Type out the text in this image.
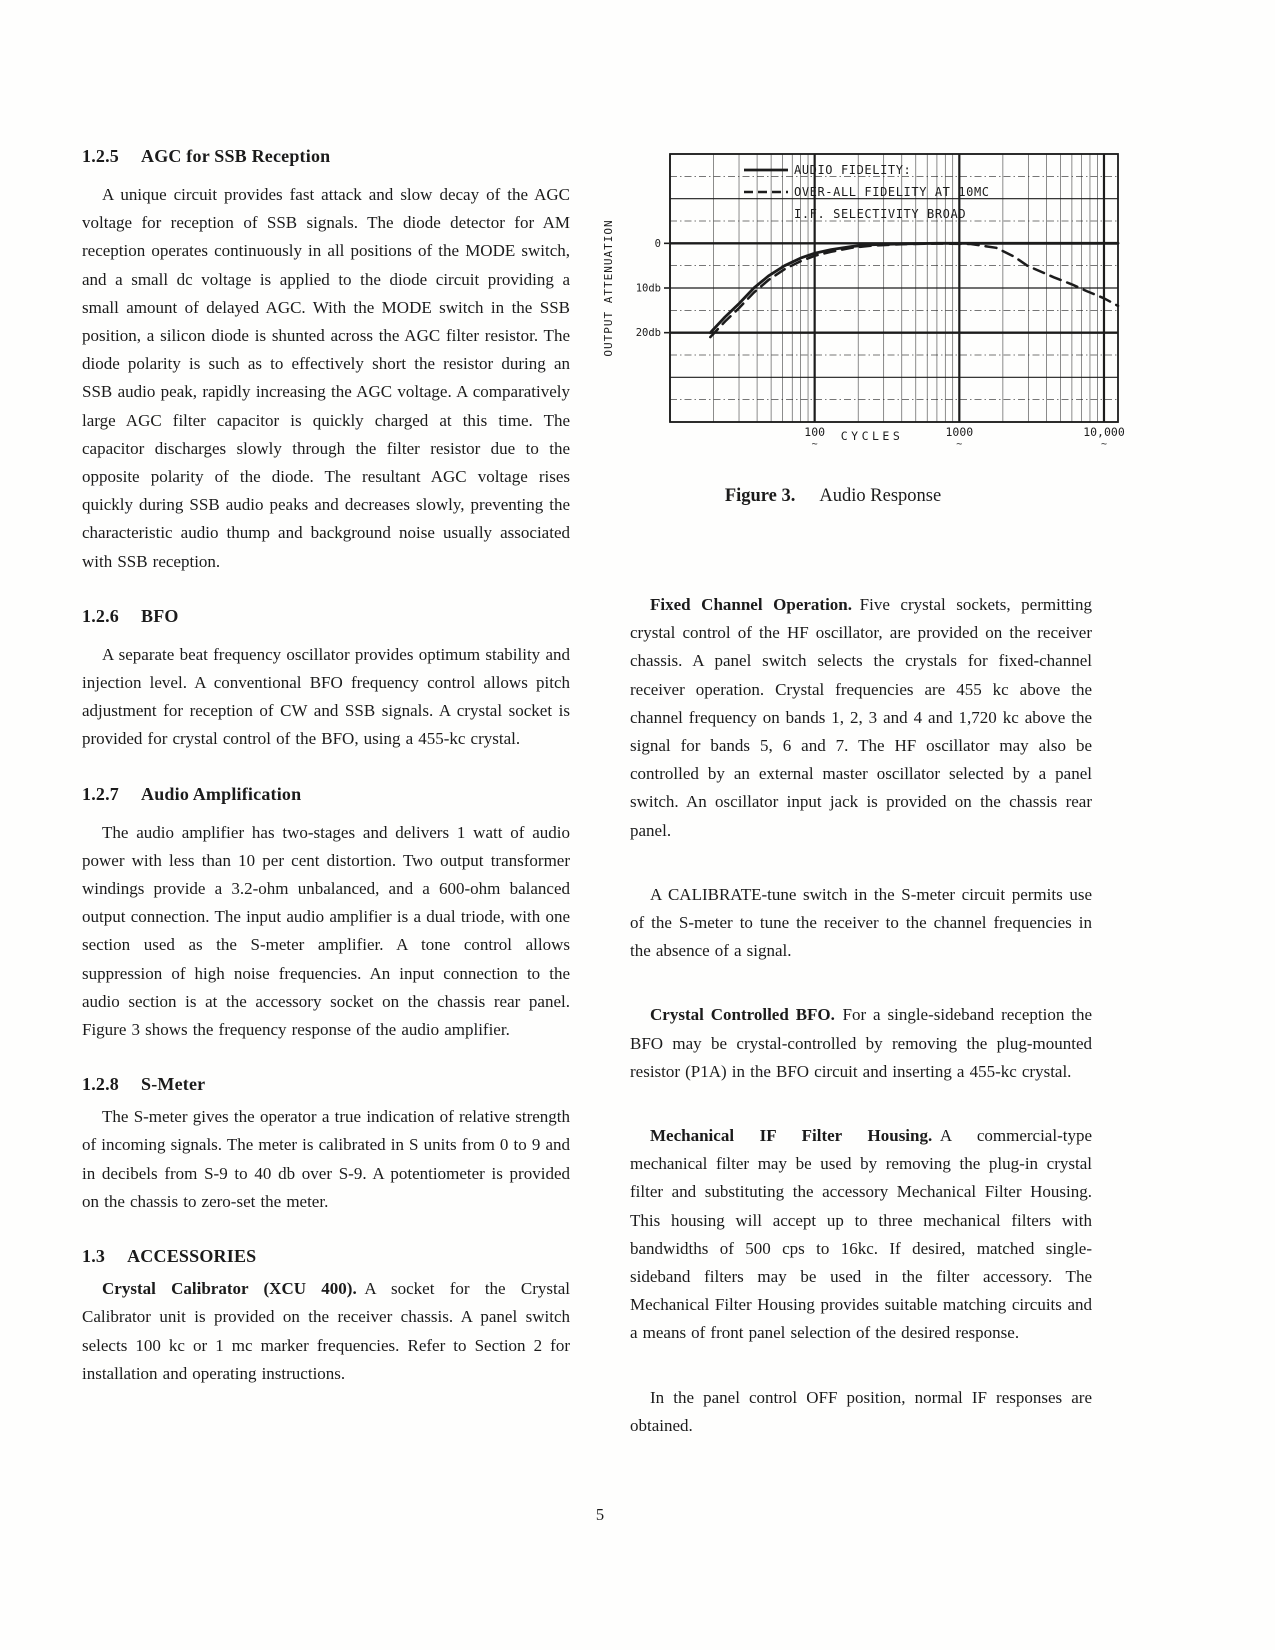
1.2.5 AGC for SSB Reception

A unique circuit provides fast attack and slow decay of the AGC voltage for reception of SSB signals. The diode detector for AM reception operates continuously in all positions of the MODE switch, and a small dc voltage is applied to the diode circuit providing a small amount of delayed AGC. With the MODE switch in the SSB position, a silicon diode is shunted across the AGC filter resistor. The diode polarity is such as to effectively short the resistor during an SSB audio peak, rapidly increasing the AGC voltage. A comparatively large AGC filter capacitor is quickly charged at this time. The capacitor discharges slowly through the filter resistor due to the opposite polarity of the diode. The resultant AGC voltage rises quickly during SSB audio peaks and decreases slowly, preventing the characteristic audio thump and background noise usually associated with SSB reception.

1.2.6 BFO

A separate beat frequency oscillator provides optimum stability and injection level. A conventional BFO frequency control allows pitch adjustment for reception of CW and SSB signals. A crystal socket is provided for crystal control of the BFO, using a 455-kc crystal.

1.2.7 Audio Amplification

The audio amplifier has two-stages and delivers 1 watt of audio power with less than 10 per cent distortion. Two output transformer windings provide a 3.2-ohm unbalanced, and a 600-ohm balanced output connection. The input audio amplifier is a dual triode, with one section used as the S-meter amplifier. A tone control allows suppression of high noise frequencies. An input connection to the audio section is at the accessory socket on the chassis rear panel. Figure 3 shows the frequency response of the audio amplifier.

1.2.8 S-Meter

The S-meter gives the operator a true indication of relative strength of incoming signals. The meter is calibrated in S units from 0 to 9 and in decibels from S-9 to 40 db over S-9. A potentiometer is provided on the chassis to zero-set the meter.

1.3 ACCESSORIES

Crystal Calibrator (XCU 400). A socket for the Crystal Calibrator unit is provided on the receiver chassis. A panel switch selects 100 kc or 1 mc marker frequencies. Refer to Section 2 for installation and operating instructions.

0
10db
20db
OUTPUT ATTENUATION
100
~
1000
~
10,000
~
CYCLES
AUDIO FIDELITY:
OVER-ALL FIDELITY AT 10MC
I.F. SELECTIVITY BROAD
Figure 3. Audio Response

Fixed Channel Operation. Five crystal sockets, permitting crystal control of the HF oscillator, are provided on the receiver chassis. A panel switch selects the crystals for fixed-channel receiver operation. Crystal frequencies are 455 kc above the channel frequency on bands 1, 2, 3 and 4 and 1,720 kc above the signal for bands 5, 6 and 7. The HF oscillator may also be controlled by an external master oscillator selected by a panel switch. An oscillator input jack is provided on the chassis rear panel.

A CALIBRATE-tune switch in the S-meter circuit permits use of the S-meter to tune the receiver to the channel frequencies in the absence of a signal.

Crystal Controlled BFO. For a single-sideband reception the BFO may be crystal-controlled by removing the plug-mounted resistor (P1A) in the BFO circuit and inserting a 455-kc crystal.

Mechanical IF Filter Housing. A commercial-type mechanical filter may be used by removing the plug-in crystal filter and substituting the accessory Mechanical Filter Housing. This housing will accept up to three mechanical filters with bandwidths of 500 cps to 16kc. If desired, matched single-sideband filters may be used in the filter accessory. The Mechanical Filter Housing provides suitable matching circuits and a means of front panel selection of the desired response.

In the panel control OFF position, normal IF responses are obtained.

5
